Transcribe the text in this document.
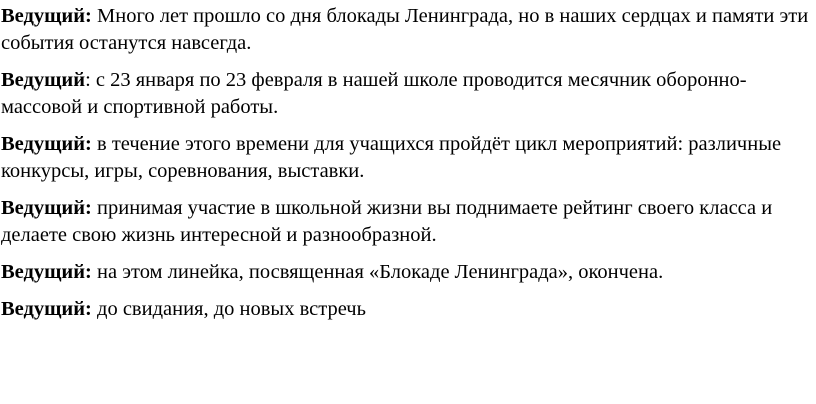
Ведущий: Много лет прошло со дня блокады Ленинграда, но в наших сердцах и памяти эти события останутся навсегда.

Ведущий: с 23 января по 23 февраля в нашей школе проводится месячник оборонно-массовой и спортивной работы.

Ведущий: в течение этого времени для учащихся пройдёт цикл мероприятий: различные конкурсы, игры, соревнования, выставки.

Ведущий: принимая участие в школьной жизни вы поднимаете рейтинг своего класса и делаете свою жизнь интересной и разнообразной.

Ведущий: на этом линейка, посвященная «Блокаде Ленинграда», окончена.

Ведущий: до свидания, до новых встречь
